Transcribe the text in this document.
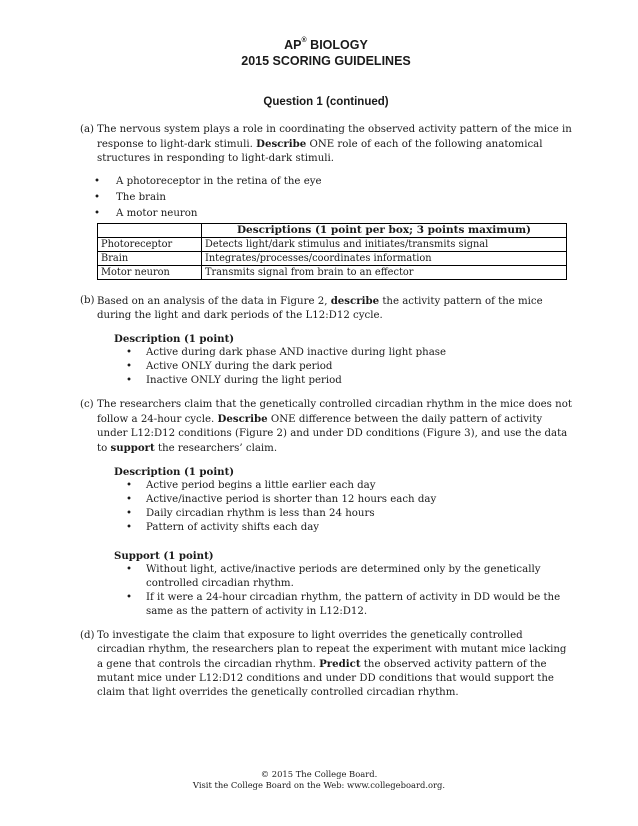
AP® BIOLOGY
2015 SCORING GUIDELINES
Question 1 (continued)
(a) The nervous system plays a role in coordinating the observed activity pattern of the mice in response to light-dark stimuli. Describe ONE role of each of the following anatomical structures in responding to light-dark stimuli.
• A photoreceptor in the retina of the eye
• The brain
• A motor neuron
	Descriptions (1 point per box; 3 points maximum)
Photoreceptor	Detects light/dark stimulus and initiates/transmits signal
Brain	Integrates/processes/coordinates information
Motor neuron	Transmits signal from brain to an effector
(b) Based on an analysis of the data in Figure 2, describe the activity pattern of the mice during the light and dark periods of the L12:D12 cycle.
Description (1 point)
• Active during dark phase AND inactive during light phase
• Active ONLY during the dark period
• Inactive ONLY during the light period
(c) The researchers claim that the genetically controlled circadian rhythm in the mice does not follow a 24-hour cycle. Describe ONE difference between the daily pattern of activity under L12:D12 conditions (Figure 2) and under DD conditions (Figure 3), and use the data to support the researchers’ claim.
Description (1 point)
• Active period begins a little earlier each day
• Active/inactive period is shorter than 12 hours each day
• Daily circadian rhythm is less than 24 hours
• Pattern of activity shifts each day
Support (1 point)
• Without light, active/inactive periods are determined only by the genetically controlled circadian rhythm.
• If it were a 24-hour circadian rhythm, the pattern of activity in DD would be the same as the pattern of activity in L12:D12.
(d) To investigate the claim that exposure to light overrides the genetically controlled circadian rhythm, the researchers plan to repeat the experiment with mutant mice lacking a gene that controls the circadian rhythm. Predict the observed activity pattern of the mutant mice under L12:D12 conditions and under DD conditions that would support the claim that light overrides the genetically controlled circadian rhythm.
© 2015 The College Board.
Visit the College Board on the Web: www.collegeboard.org.
